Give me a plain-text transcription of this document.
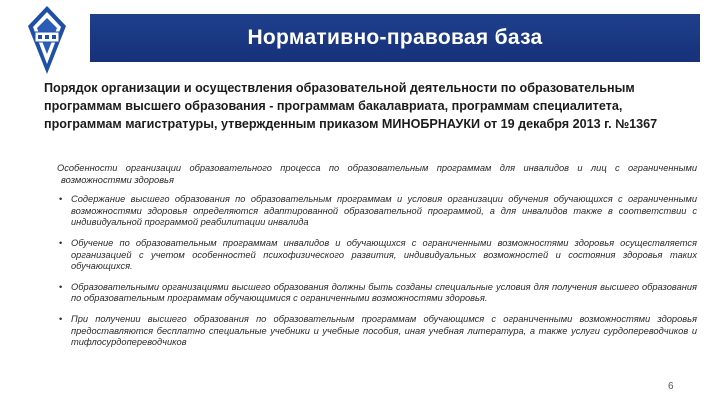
Нормативно-правовая база
Порядок организации и осуществления образовательной деятельности по образовательным программам высшего образования - программам бакалавриата, программам специалитета, программам магистратуры, утвержденным приказом МИНОБРНАУКИ от 19 декабря 2013 г. №1367

Особенности организации образовательного процесса по образовательным программам для инвалидов и лиц с ограниченными возможностями здоровья

• Содержание высшего образования по образовательным программам и условия организации обучения обучающихся с ограниченными возможностями здоровья определяются адаптированной образовательной программой, а для инвалидов также в соответствии с индивидуальной программой реабилитации инвалида
• Обучение по образовательным программам инвалидов и обучающихся с ограниченными возможностями здоровья осуществляется организацией с учетом особенностей психофизического развития, индивидуальных возможностей и состояния здоровья таких обучающихся.
• Образовательными организациями высшего образования должны быть созданы специальные условия для получения высшего образования по образовательным программам обучающимися с ограниченными возможностями здоровья.
• При получении высшего образования по образовательным программам обучающимся с ограниченными возможностями здоровья предоставляются бесплатно специальные учебники и учебные пособия, иная учебная литература, а также услуги сурдопереводчиков и тифлосурдопереводчиков
6
